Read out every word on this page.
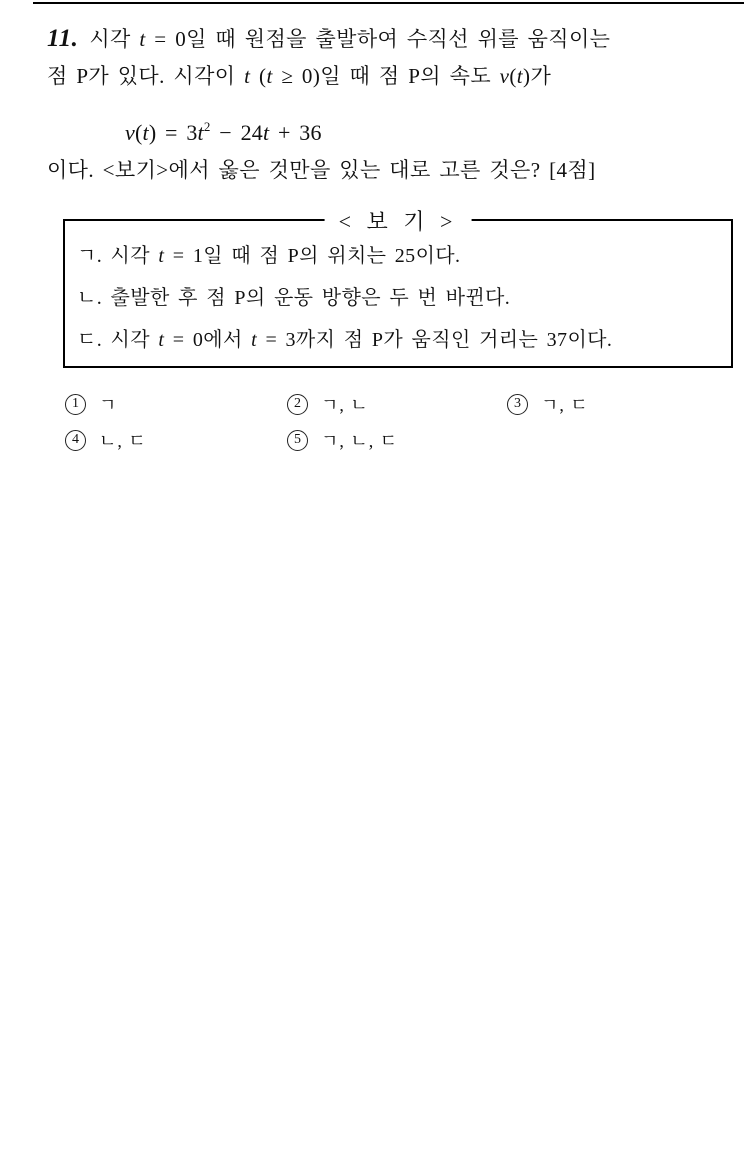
11. 시각 t = 0일 때 원점을 출발하여 수직선 위를 움직이는
점 P가 있다. 시각이 t (t ≥ 0)일 때 점 P의 속도 v(t)가
$v(t) = 3t^2 - 24t + 36$
이다. <보기>에서 옳은 것만을 있는 대로 고른 것은? [4점]
< 보 기 >
ㄱ. 시각 t = 1일 때 점 P의 위치는 25이다.
ㄴ. 출발한 후 점 P의 운동 방향은 두 번 바뀐다.
ㄷ. 시각 t = 0에서 t = 3까지 점 P가 움직인 거리는 37이다.
1	ㄱ	2	ㄱ, ㄴ	3	ㄱ, ㄷ
4	ㄴ, ㄷ	5	ㄱ, ㄴ, ㄷ
